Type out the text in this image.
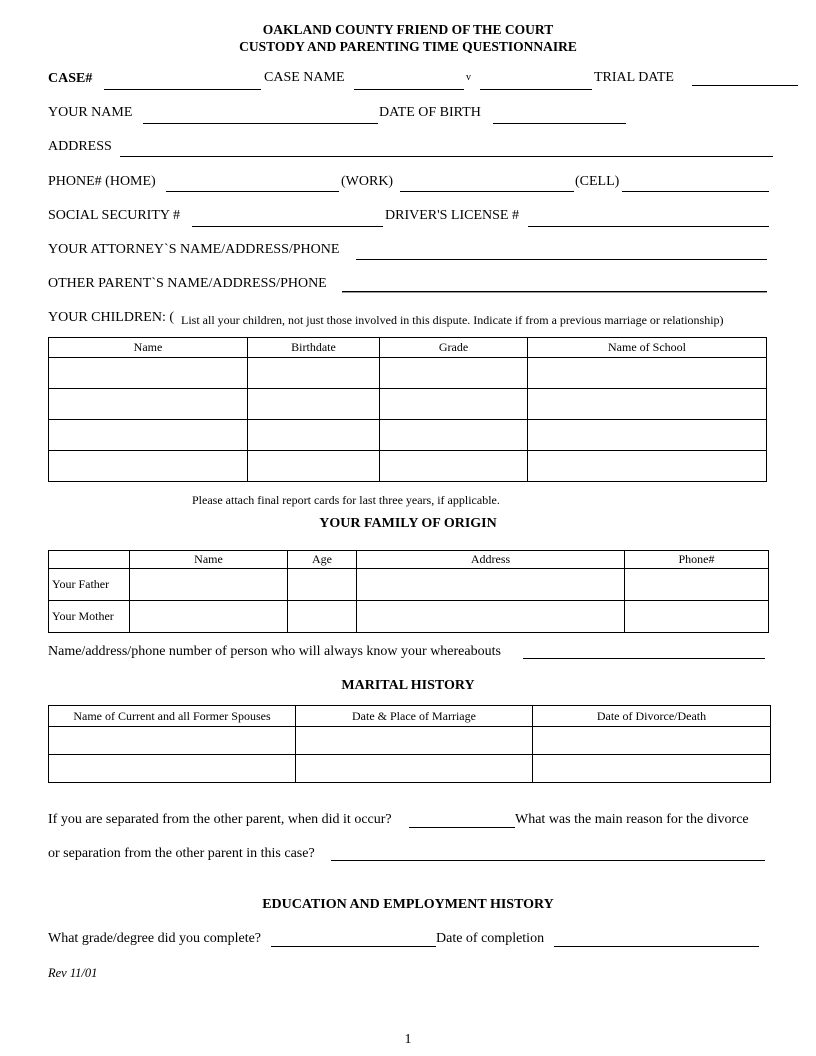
OAKLAND COUNTY FRIEND OF THE COURT
CUSTODY AND PARENTING TIME QUESTIONNAIRE
CASE#	CASE NAME	v	TRIAL DATE
YOUR NAME	DATE OF BIRTH
ADDRESS
PHONE# (HOME)	(WORK)	(CELL)
SOCIAL SECURITY #	DRIVER'S LICENSE #
YOUR ATTORNEY`S NAME/ADDRESS/PHONE
OTHER PARENT`S NAME/ADDRESS/PHONE
YOUR CHILDREN: ( List all your children, not just those involved in this dispute. Indicate if from a previous marriage or relationship)
Name	Birthdate	Grade	Name of School

Please attach final report cards for last three years, if applicable.
YOUR FAMILY OF ORIGIN
	Name	Age	Address	Phone#
Your Father				
Your Mother				
Name/address/phone number of person who will always know your whereabouts
MARITAL HISTORY
Name of Current and all Former Spouses	Date & Place of Marriage	Date of Divorce/Death

If you are separated from the other parent, when did it occur?	What was the main reason for the divorce
or separation from the other parent in this case?
EDUCATION AND EMPLOYMENT HISTORY
What grade/degree did you complete?	Date of completion
Rev 11/01
1
